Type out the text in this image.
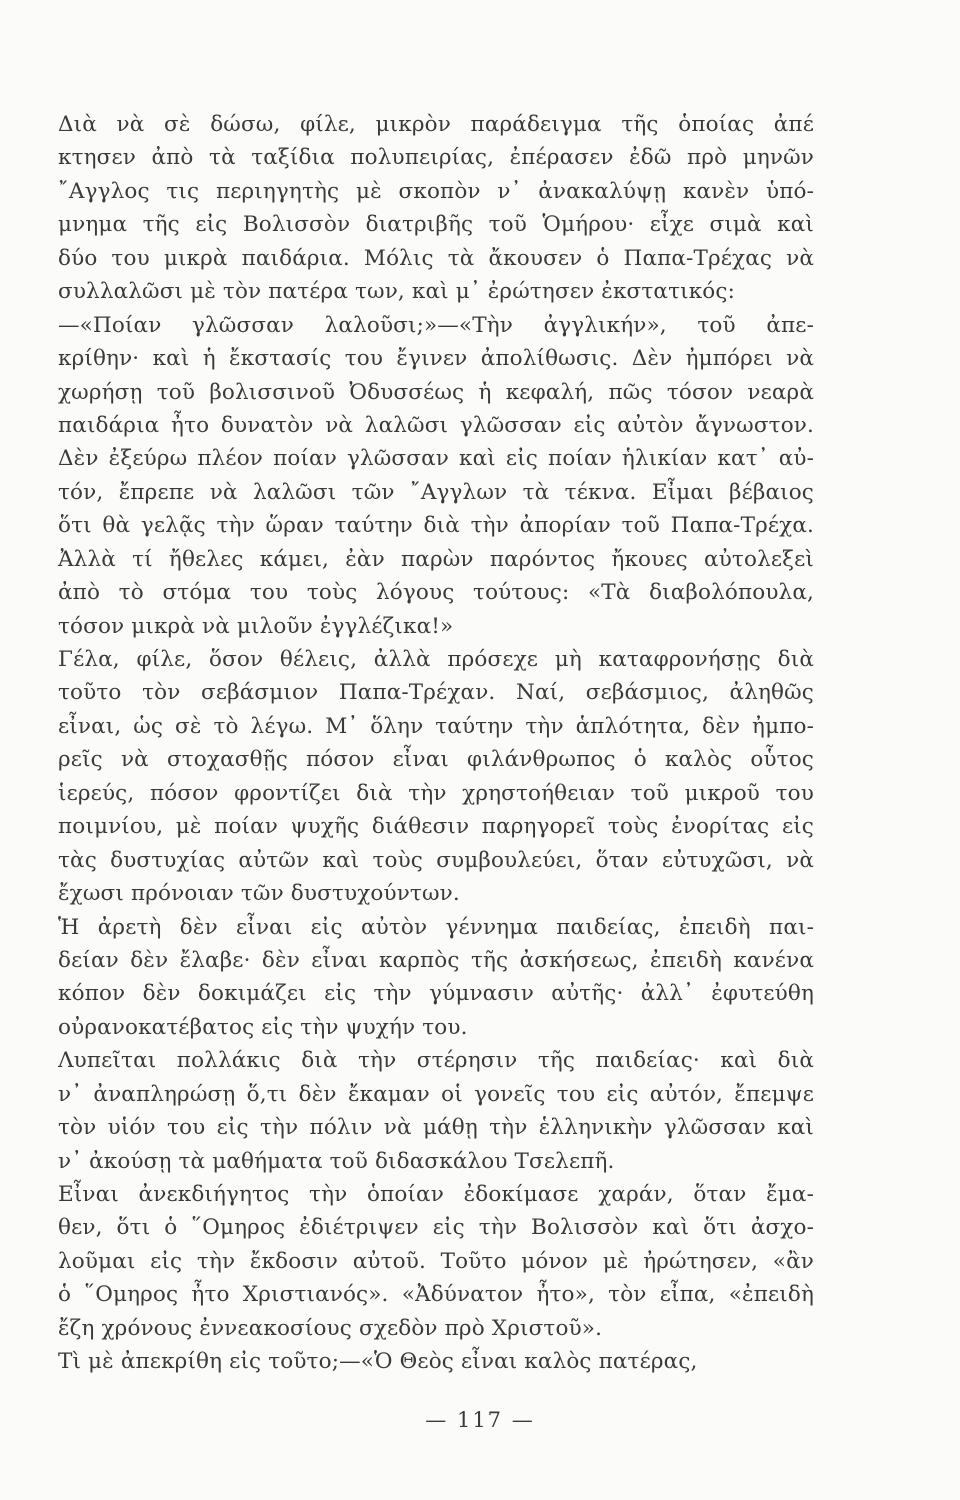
Διὰ νὰ σὲ δώσω, φίλε, μικρὸν παράδειγμα τῆς ὁποίας ἀπέ
κτησεν ἀπὸ τὰ ταξίδια πολυπειρίας, ἐπέρασεν ἐδῶ πρὸ μηνῶν
῎Αγγλος τις περιηγητὴς μὲ σκοπὸν ν᾿ ἀνακαλύψῃ κανὲν ὑπό-
μνημα τῆς εἰς Βολισσὸν διατριβῆς τοῦ Ὁμήρου· εἶχε σιμὰ καὶ
δύο του μικρὰ παιδάρια. Μόλις τὰ ἄκουσεν ὁ Παπα-Τρέχας νὰ
συλλαλῶσι μὲ τὸν πατέρα των, καὶ μ᾿ ἐρώτησεν ἐκστατικός:
—«Ποίαν γλῶσσαν λαλοῦσι;»—«Τὴν ἀγγλικήν», τοῦ ἀπε-
κρίθην· καὶ ἡ ἔκστασίς του ἔγινεν ἀπολίθωσις. Δὲν ἠμπόρει νὰ
χωρήσῃ τοῦ βολισσινοῦ Ὀδυσσέως ἡ κεφαλή, πῶς τόσον νεαρὰ
παιδάρια ἦτο δυνατὸν νὰ λαλῶσι γλῶσσαν εἰς αὐτὸν ἄγνωστον.
Δὲν ἐξεύρω πλέον ποίαν γλῶσσαν καὶ εἰς ποίαν ἡλικίαν κατ᾿ αὐ-
τόν, ἔπρεπε νὰ λαλῶσι τῶν ῎Αγγλων τὰ τέκνα. Εἶμαι βέβαιος
ὅτι θὰ γελᾷς τὴν ὥραν ταύτην διὰ τὴν ἀπορίαν τοῦ Παπα-Τρέχα.
Ἀλλὰ τί ἤθελες κάμει, ἐὰν παρὼν παρόντος ἤκουες αὐτολεξεὶ
ἀπὸ τὸ στόμα του τοὺς λόγους τούτους: «Τὰ διαβολόπουλα,
τόσον μικρὰ νὰ μιλοῦν ἐγγλέζικα!»
Γέλα, φίλε, ὅσον θέλεις, ἀλλὰ πρόσεχε μὴ καταφρονήσῃς διὰ
τοῦτο τὸν σεβάσμιον Παπα-Τρέχαν. Ναί, σεβάσμιος, ἀληθῶς
εἶναι, ὡς σὲ τὸ λέγω. Μ᾿ ὅλην ταύτην τὴν ἁπλότητα, δὲν ἠμπο-
ρεῖς νὰ στοχασθῇς πόσον εἶναι φιλάνθρωπος ὁ καλὸς οὗτος
ἱερεύς, πόσον φροντίζει διὰ τὴν χρηστοήθειαν τοῦ μικροῦ του
ποιμνίου, μὲ ποίαν ψυχῆς διάθεσιν παρηγορεῖ τοὺς ἐνορίτας εἰς
τὰς δυστυχίας αὐτῶν καὶ τοὺς συμβουλεύει, ὅταν εὐτυχῶσι, νὰ
ἔχωσι πρόνοιαν τῶν δυστυχούντων.
Ἡ ἀρετὴ δὲν εἶναι εἰς αὐτὸν γέννημα παιδείας, ἐπειδὴ παι-
δείαν δὲν ἔλαβε· δὲν εἶναι καρπὸς τῆς ἀσκήσεως, ἐπειδὴ κανένα
κόπον δὲν δοκιμάζει εἰς τὴν γύμνασιν αὐτῆς· ἀλλ᾿ ἐφυτεύθη
οὐρανοκατέβατος εἰς τὴν ψυχήν του.
Λυπεῖται πολλάκις διὰ τὴν στέρησιν τῆς παιδείας· καὶ διὰ
ν᾿ ἀναπληρώσῃ ὅ,τι δὲν ἔκαμαν οἱ γονεῖς του εἰς αὐτόν, ἔπεμψε
τὸν υἱόν του εἰς τὴν πόλιν νὰ μάθῃ τὴν ἑλληνικὴν γλῶσσαν καὶ
ν᾿ ἀκούσῃ τὰ μαθήματα τοῦ διδασκάλου Τσελεπῆ.
Εἶναι ἀνεκδιήγητος τὴν ὁποίαν ἐδοκίμασε χαράν, ὅταν ἔμα-
θεν, ὅτι ὁ ῞Ομηρος ἐδιέτριψεν εἰς τὴν Βολισσὸν καὶ ὅτι ἀσχο-
λοῦμαι εἰς τὴν ἔκδοσιν αὐτοῦ. Τοῦτο μόνον μὲ ἠρώτησεν, «ἂν
ὁ ῞Ομηρος ἦτο Χριστιανός». «Ἀδύνατον ἦτο», τὸν εἶπα, «ἐπειδὴ
ἔζη χρόνους ἐννεακοσίους σχεδὸν πρὸ Χριστοῦ».
Τὶ μὲ ἀπεκρίθη εἰς τοῦτο;—«Ὁ Θεὸς εἶναι καλὸς πατέρας,
— 117 —
